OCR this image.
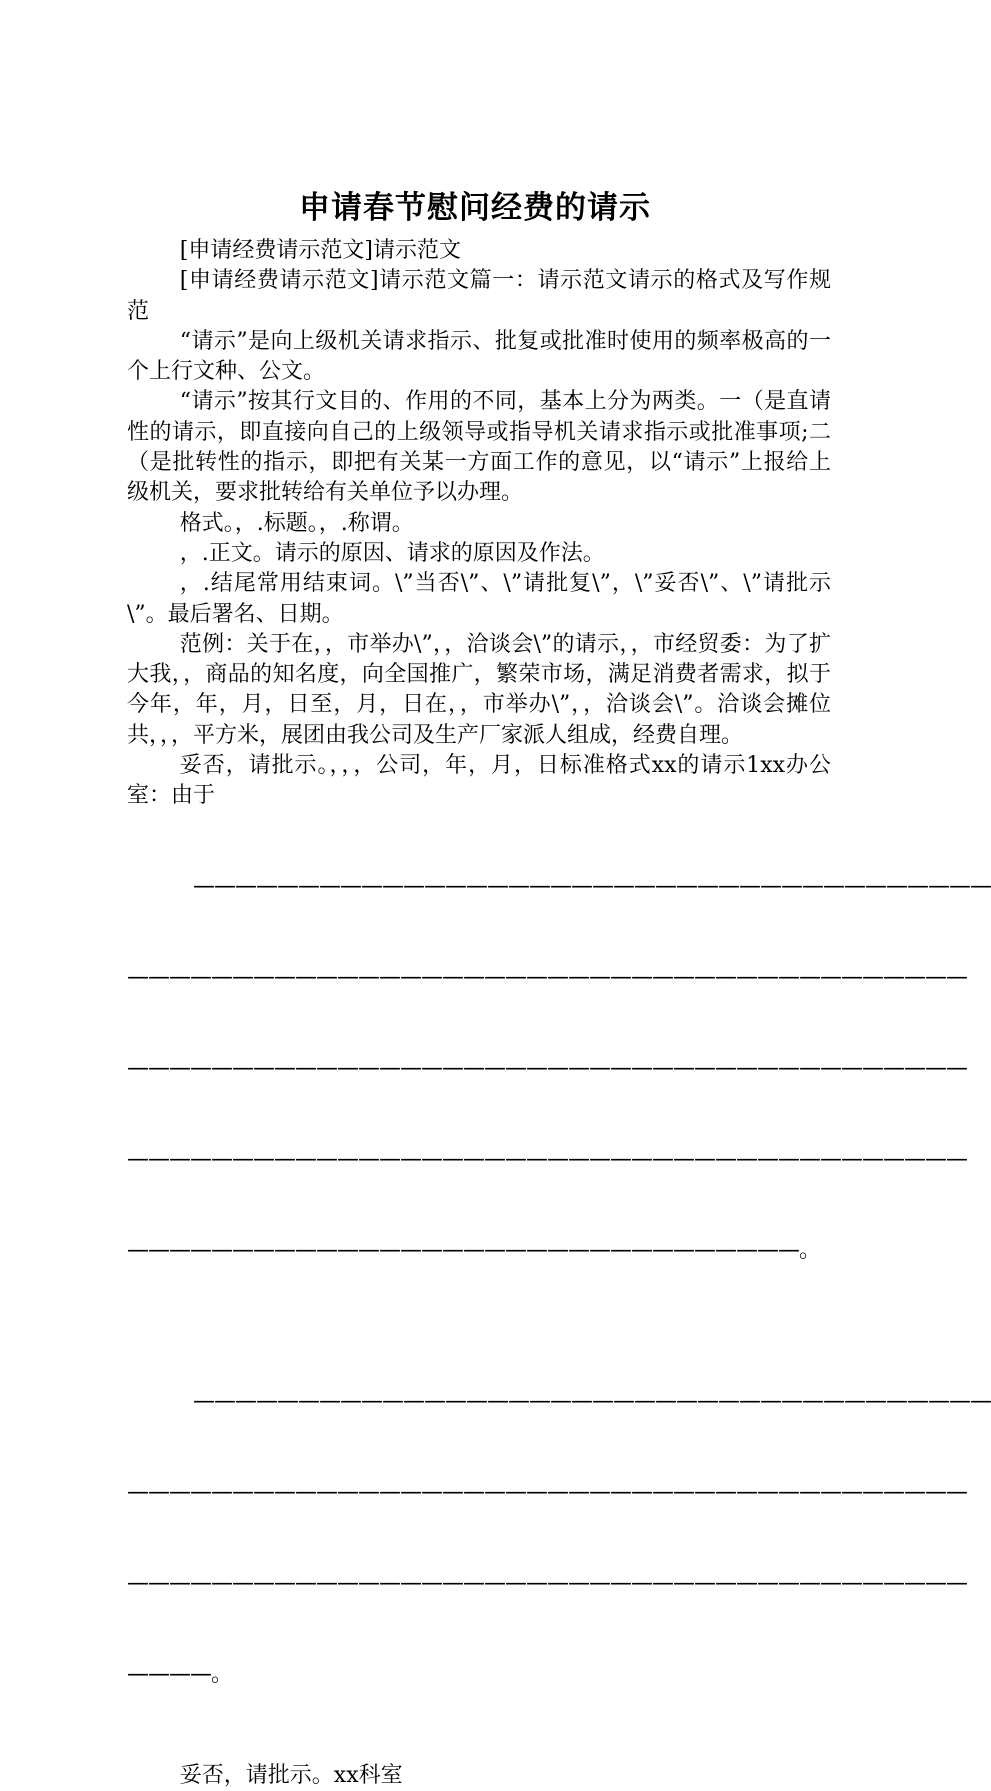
申请春节慰问经费的请示

[申请经费请示范文]请示范文

[申请经费请示范文]请示范文篇一：请示范文请示的格式及写作规范

“请示”是向上级机关请求指示、批复或批准时使用的频率极高的一个上行文种、公文。

“请示”按其行文目的、作用的不同，基本上分为两类。一（是直请性的请示，即直接向自己的上级领导或指导机关请求指示或批准事项;二（是批转性的指示，即把有关某一方面工作的意见，以“请示”上报给上级机关，要求批转给有关单位予以办理。

格式。，.标题。，.称谓。

，.正文。请示的原因、请求的原因及作法。

，.结尾常用结束词。\”当否\”、\”请批复\”，\”妥否\”、\”请批示\”。最后署名、日期。

范例：关于在，，市举办\”，，洽谈会\”的请示，，市经贸委：为了扩大我，，商品的知名度，向全国推广，繁荣市场，满足消费者需求，拟于今年，年，月，日至，月，日在，，市举办\”，，洽谈会\”。洽谈会摊位共，，，平方米，展团由我公司及生产厂家派人组成，经费自理。

妥否，请批示。，，，公司，年，月，日标准格式xx的请示1xx办公室：由于

——————————————————————————————————————

————————————————————————————————————————

————————————————————————————————————————

————————————————————————————————————————

————————————————————————————————。

——————————————————————————————————————

————————————————————————————————————————

————————————————————————————————————————

————。

妥否，请批示。xx科室
